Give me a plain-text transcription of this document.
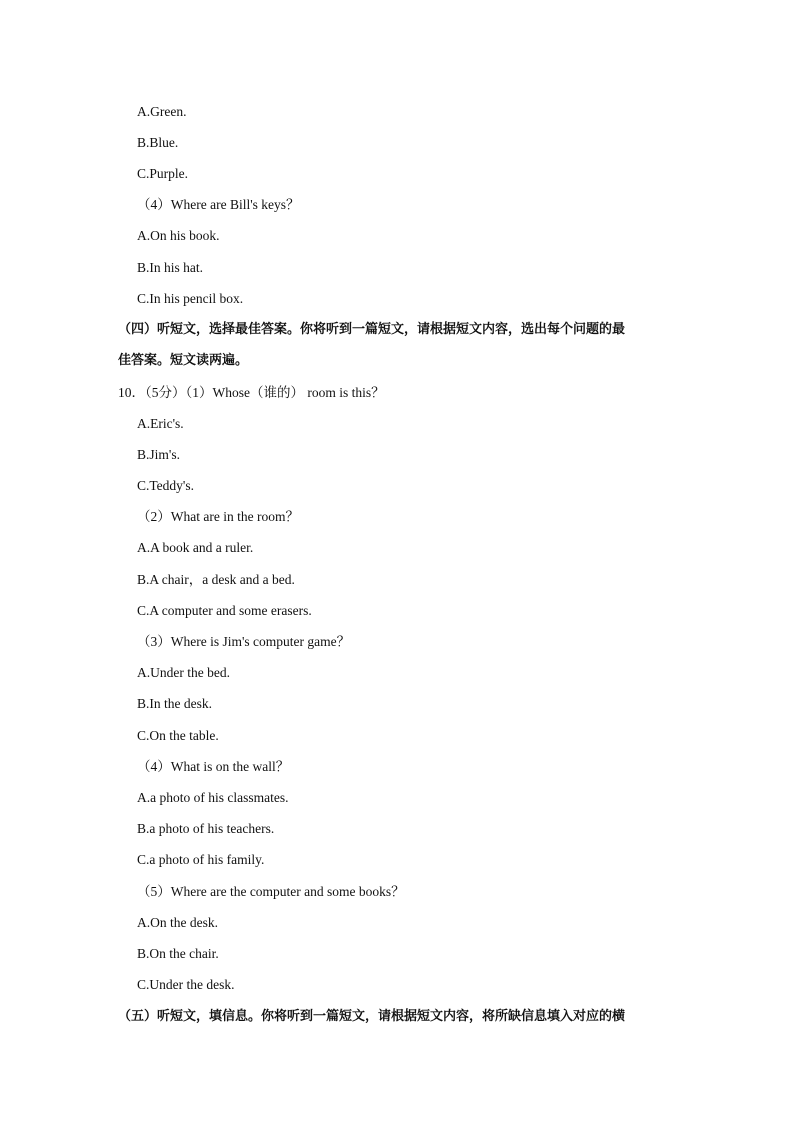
A.Green.
B.Blue.
C.Purple.
（4）Where are Bill's keys？
A.On his book.
B.In his hat.
C.In his pencil box.
（四）听短文，选择最佳答案。你将听到一篇短文，请根据短文内容，选出每个问题的最
佳答案。短文读两遍。
10．（5分）（1）Whose（谁的） room is this？
A.Eric's.
B.Jim's.
C.Teddy's.
（2）What are in the room？
A.A book and a ruler.
B.A chair，a desk and a bed.
C.A computer and some erasers.
（3）Where is Jim's computer game？
A.Under the bed.
B.In the desk.
C.On the table.
（4）What is on the wall？
A.a photo of his classmates.
B.a photo of his teachers.
C.a photo of his family.
（5）Where are the computer and some books？
A.On the desk.
B.On the chair.
C.Under the desk.
（五）听短文，填信息。你将听到一篇短文，请根据短文内容，将所缺信息填入对应的横
